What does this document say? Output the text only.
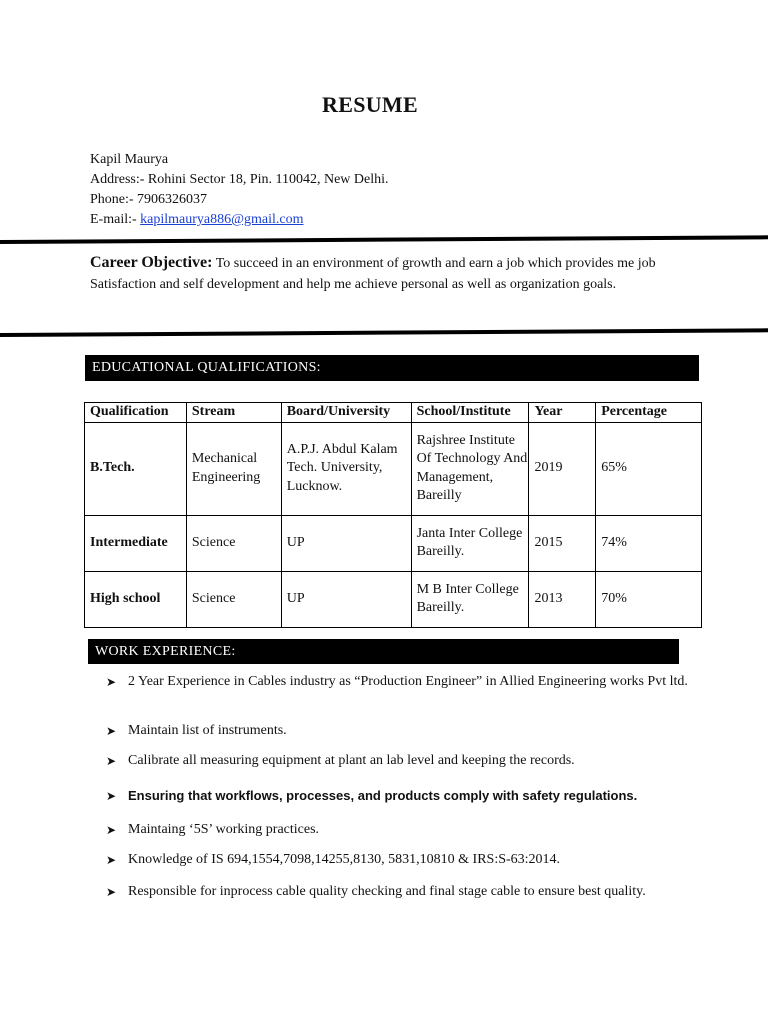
RESUME
Kapil Maurya
Address:- Rohini Sector 18, Pin. 110042, New Delhi.
Phone:- 7906326037
E-mail:- kapilmaurya886@gmail.com
Career Objective: To succeed in an environment of growth and earn a job which provides me job Satisfaction and self development and help me achieve personal as well as organization goals.
EDUCATIONAL QUALIFICATIONS:
Qualification	Stream	Board/University	School/Institute	Year	Percentage
B.Tech.	Mechanical Engineering	A.P.J. Abdul Kalam Tech. University, Lucknow.	Rajshree Institute Of Technology And Management, Bareilly	2019	65%
Intermediate	Science	UP	Janta Inter College Bareilly.	2015	74%
High school	Science	UP	M B Inter College Bareilly.	2013	70%
WORK EXPERIENCE:
➤ 2 Year Experience in Cables industry as “Production Engineer” in Allied Engineering works Pvt ltd.
➤ Maintain list of instruments.
➤ Calibrate all measuring equipment at plant an lab level and keeping the records.
➤ Ensuring that workflows, processes, and products comply with safety regulations.
➤ Maintaing ‘5S’ working practices.
➤ Knowledge of IS 694,1554,7098,14255,8130, 5831,10810 & IRS:S-63:2014.
➤ Responsible for inprocess cable quality checking and final stage cable to ensure best quality.
